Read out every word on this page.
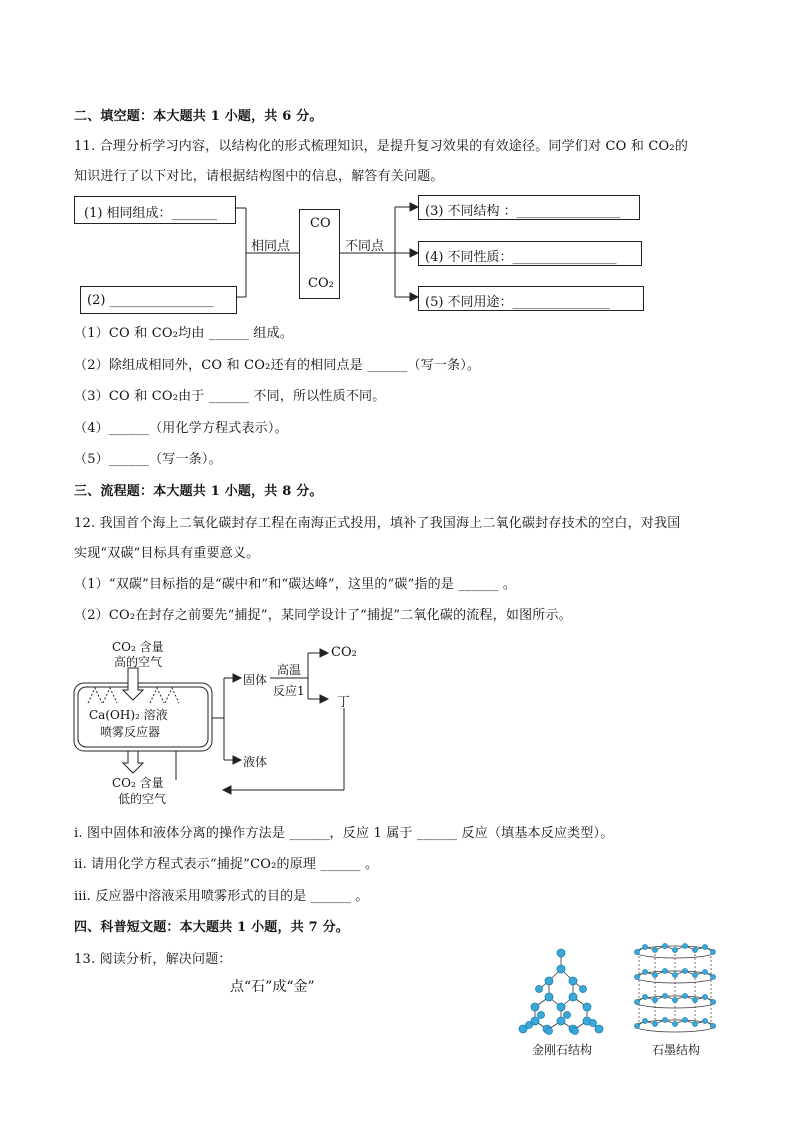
二、填空题：本大题共 1 小题，共 6 分。
11. 合理分析学习内容，以结构化的形式梳理知识，是提升复习效果的有效途径。同学们对 CO 和 CO₂的
知识进行了以下对比，请根据结构图中的信息，解答有关问题。
(1) 相同组成：_______
(2) ________________
相同点	不同点
CO
CO₂
(3) 不同结构 ：________________
(4) 不同性质：________________
(5) 不同用途：_______________
（1）CO 和 CO₂均由 ______ 组成。
（2）除组成相同外，CO 和 CO₂还有的相同点是 ______（写一条）。
（3）CO 和 CO₂由于 ______ 不同，所以性质不同。
（4）______（用化学方程式表示）。
（5）______（写一条）。
三、流程题：本大题共 1 小题，共 8 分。
12. 我国首个海上二氧化碳封存工程在南海正式投用，填补了我国海上二氧化碳封存技术的空白，对我国
实现“双碳”目标具有重要意义。
（1）“双碳”目标指的是“碳中和”和“碳达峰”，这里的“碳”指的是 ______ 。
（2）CO₂在封存之前要先“捕捉”，某同学设计了“捕捉”二氧化碳的流程，如图所示。
CO₂ 含量
高的空气
Ca(OH)₂ 溶液
喷雾反应器
CO₂ 含量
低的空气
固体
液体
高温
反应1
CO₂
丁
ⅰ. 图中固体和液体分离的操作方法是 ______，反应 1 属于 ______ 反应（填基本反应类型）。
ⅱ. 请用化学方程式表示“捕捉”CO₂的原理 ______ 。
ⅲ. 反应器中溶液采用喷雾形式的目的是 ______ 。
四、科普短文题：本大题共 1 小题，共 7 分。
13. 阅读分析，解决问题：
点“石”成“金”
金刚石结构	石墨结构
